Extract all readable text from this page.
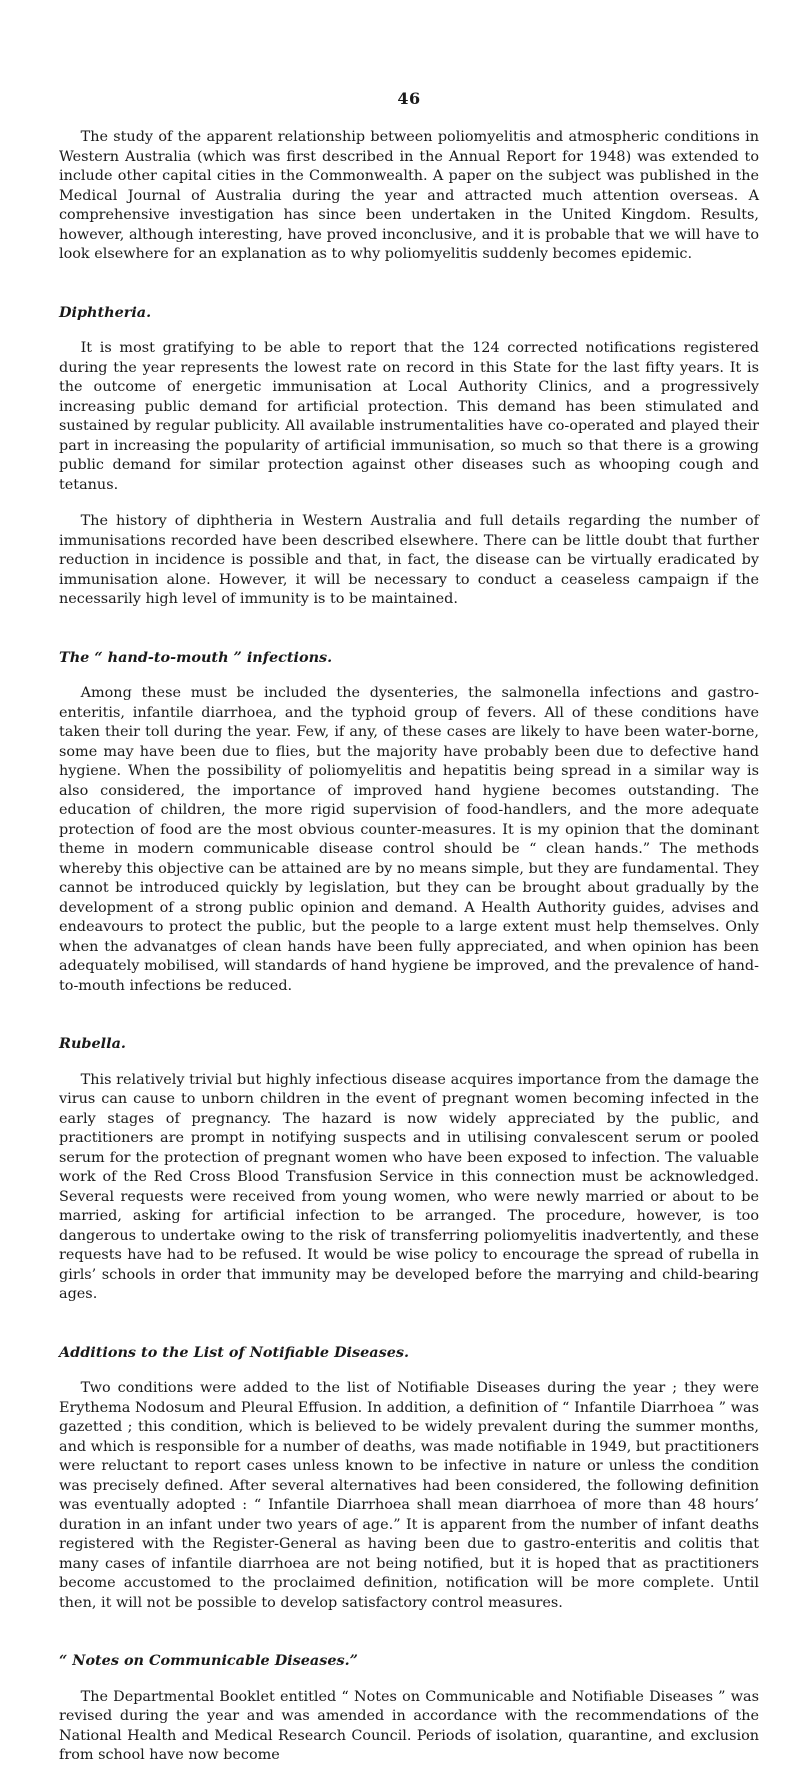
46

The study of the apparent relationship between poliomyelitis and atmospheric conditions in Western Australia (which was first described in the Annual Report for 1948) was extended to include other capital cities in the Commonwealth. A paper on the subject was published in the Medical Journal of Australia during the year and attracted much attention overseas. A comprehensive investigation has since been undertaken in the United Kingdom. Results, however, although interesting, have proved inconclusive, and it is probable that we will have to look elsewhere for an explanation as to why poliomyelitis suddenly becomes epidemic.

Diphtheria.

It is most gratifying to be able to report that the 124 corrected notifications registered during the year represents the lowest rate on record in this State for the last fifty years. It is the outcome of energetic immunisation at Local Authority Clinics, and a progressively increasing public demand for artificial protection. This demand has been stimulated and sustained by regular publicity. All available instrumentalities have co-operated and played their part in increasing the popularity of artificial immunisation, so much so that there is a growing public demand for similar protection against other diseases such as whooping cough and tetanus.

The history of diphtheria in Western Australia and full details regarding the number of immunisations recorded have been described elsewhere. There can be little doubt that further reduction in incidence is possible and that, in fact, the disease can be virtually eradicated by immunisation alone. However, it will be necessary to conduct a ceaseless campaign if the necessarily high level of immunity is to be maintained.

The “ hand-to-mouth ” infections.

Among these must be included the dysenteries, the salmonella infections and gastro-enteritis, infantile diarrhoea, and the typhoid group of fevers. All of these conditions have taken their toll during the year. Few, if any, of these cases are likely to have been water-borne, some may have been due to flies, but the majority have probably been due to defective hand hygiene. When the possibility of poliomyelitis and hepatitis being spread in a similar way is also considered, the importance of improved hand hygiene becomes outstanding. The education of children, the more rigid supervision of food-handlers, and the more adequate protection of food are the most obvious counter-measures. It is my opinion that the dominant theme in modern communicable disease control should be “ clean hands.” The methods whereby this objective can be attained are by no means simple, but they are fundamental. They cannot be introduced quickly by legislation, but they can be brought about gradually by the development of a strong public opinion and demand. A Health Authority guides, advises and endeavours to protect the public, but the people to a large extent must help themselves. Only when the advanatges of clean hands have been fully appreciated, and when opinion has been adequately mobilised, will standards of hand hygiene be improved, and the prevalence of hand-to-mouth infections be reduced.

Rubella.

This relatively trivial but highly infectious disease acquires importance from the damage the virus can cause to unborn children in the event of pregnant women becoming infected in the early stages of pregnancy. The hazard is now widely appreciated by the public, and practitioners are prompt in notifying suspects and in utilising convalescent serum or pooled serum for the protection of pregnant women who have been exposed to infection. The valuable work of the Red Cross Blood Transfusion Service in this connection must be acknowledged. Several requests were received from young women, who were newly married or about to be married, asking for artificial infection to be arranged. The procedure, however, is too dangerous to undertake owing to the risk of transferring poliomyelitis inadvertently, and these requests have had to be refused. It would be wise policy to encourage the spread of rubella in girls’ schools in order that immunity may be developed before the marrying and child-bearing ages.

Additions to the List of Notifiable Diseases.

Two conditions were added to the list of Notifiable Diseases during the year ; they were Erythema Nodosum and Pleural Effusion. In addition, a definition of “ Infantile Diarrhoea ” was gazetted ; this condition, which is believed to be widely prevalent during the summer months, and which is responsible for a number of deaths, was made notifiable in 1949, but practitioners were reluctant to report cases unless known to be infective in nature or unless the condition was precisely defined. After several alternatives had been considered, the following definition was eventually adopted : “ Infantile Diarrhoea shall mean diarrhoea of more than 48 hours’ duration in an infant under two years of age.” It is apparent from the number of infant deaths registered with the Register-General as having been due to gastro-enteritis and colitis that many cases of infantile diarrhoea are not being notified, but it is hoped that as practitioners become accustomed to the proclaimed definition, notification will be more complete. Until then, it will not be possible to develop satisfactory control measures.

“ Notes on Communicable Diseases.”

The Departmental Booklet entitled “ Notes on Communicable and Notifiable Diseases ” was revised during the year and was amended in accordance with the recommendations of the National Health and Medical Research Council. Periods of isolation, quarantine, and exclusion from school have now become
